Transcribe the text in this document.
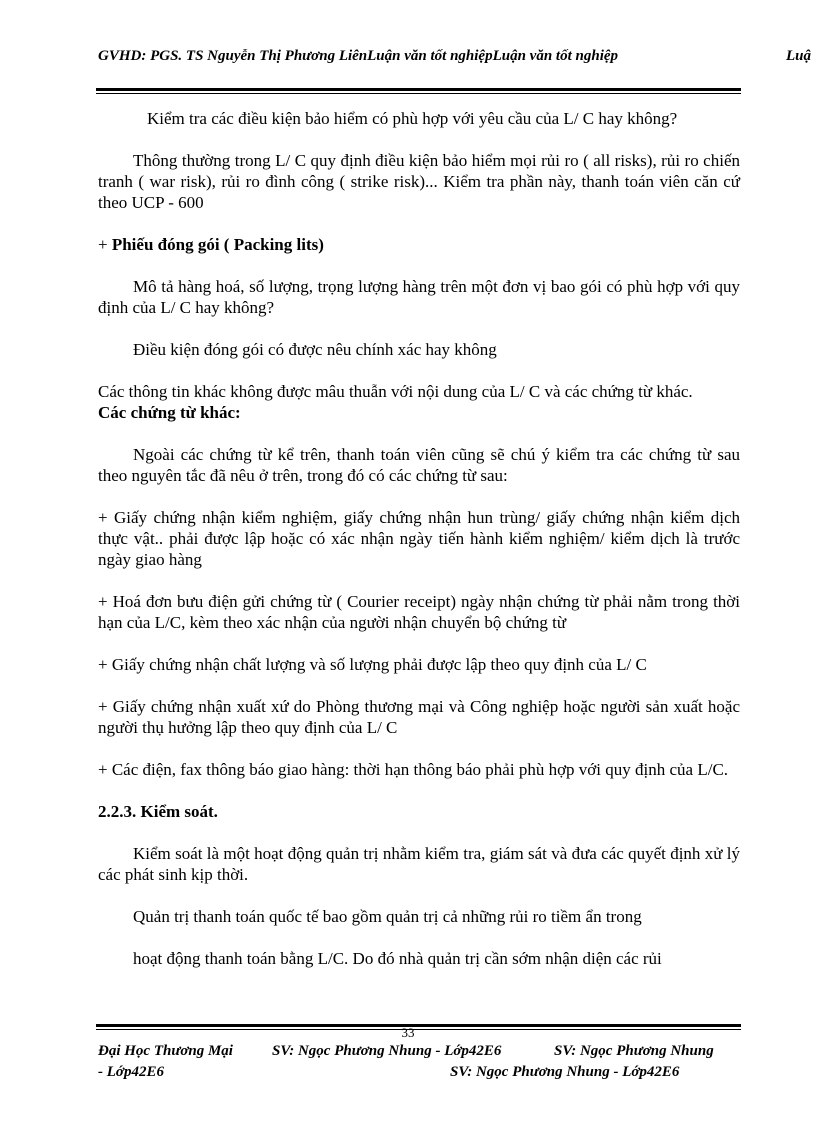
GVHD: PGS. TS Nguyễn Thị Phương LiênLuận văn tốt nghiệpLuận văn tốt nghiệp	Luậ

Kiểm tra các điều kiện bảo hiểm có phù hợp với yêu cầu của L/ C hay không?

Thông thường trong L/ C quy định điều kiện bảo hiểm mọi rủi ro ( all risks), rủi ro chiến tranh ( war risk), rủi ro đình công ( strike risk)... Kiểm tra phần này, thanh toán viên căn cứ theo UCP - 600

+ Phiếu đóng gói ( Packing lits)

Mô tả hàng hoá, số lượng, trọng lượng hàng trên một đơn vị bao gói có phù hợp với quy định của L/ C hay không?

Điều kiện đóng gói có được nêu chính xác hay không

Các thông tin khác không được mâu thuẫn với nội dung của L/ C và các chứng từ khác.

Các chứng từ khác:

Ngoài các chứng từ kể trên, thanh toán viên cũng sẽ chú ý kiểm tra các chứng từ sau theo nguyên tắc đã nêu ở trên, trong đó có các chứng từ sau:

+ Giấy chứng nhận kiểm nghiệm, giấy chứng nhận hun trùng/ giấy chứng nhận kiểm dịch thực vật.. phải được lập hoặc có xác nhận ngày tiến hành kiểm nghiệm/ kiểm dịch là trước ngày giao hàng

+ Hoá đơn bưu điện gửi chứng từ ( Courier receipt) ngày nhận chứng từ phải nằm trong thời hạn của L/C, kèm theo xác nhận của người nhận chuyển bộ chứng từ

+ Giấy chứng nhận chất lượng và số lượng phải được lập theo quy định của L/ C

+ Giấy chứng nhận xuất xứ do Phòng thương mại và Công nghiệp hoặc người sản xuất hoặc người thụ hưởng lập theo quy định của L/ C

+ Các điện, fax thông báo giao hàng: thời hạn thông báo phải phù hợp với quy định của L/C.

2.2.3. Kiểm soát.

Kiểm soát là một hoạt động quản trị nhằm kiểm tra, giám sát và đưa các quyết định xử lý các phát sinh kịp thời.

Quản trị thanh toán quốc tế bao gồm quản trị cả những rủi ro tiềm ẩn trong

hoạt động thanh toán bằng L/C. Do đó nhà quản trị cần sớm nhận diện các rủi

33
Đại Học Thương Mại	SV: Ngọc Phương Nhung - Lớp42E6	SV: Ngọc Phương Nhung
- Lớp42E6	SV: Ngọc Phương Nhung - Lớp42E6
